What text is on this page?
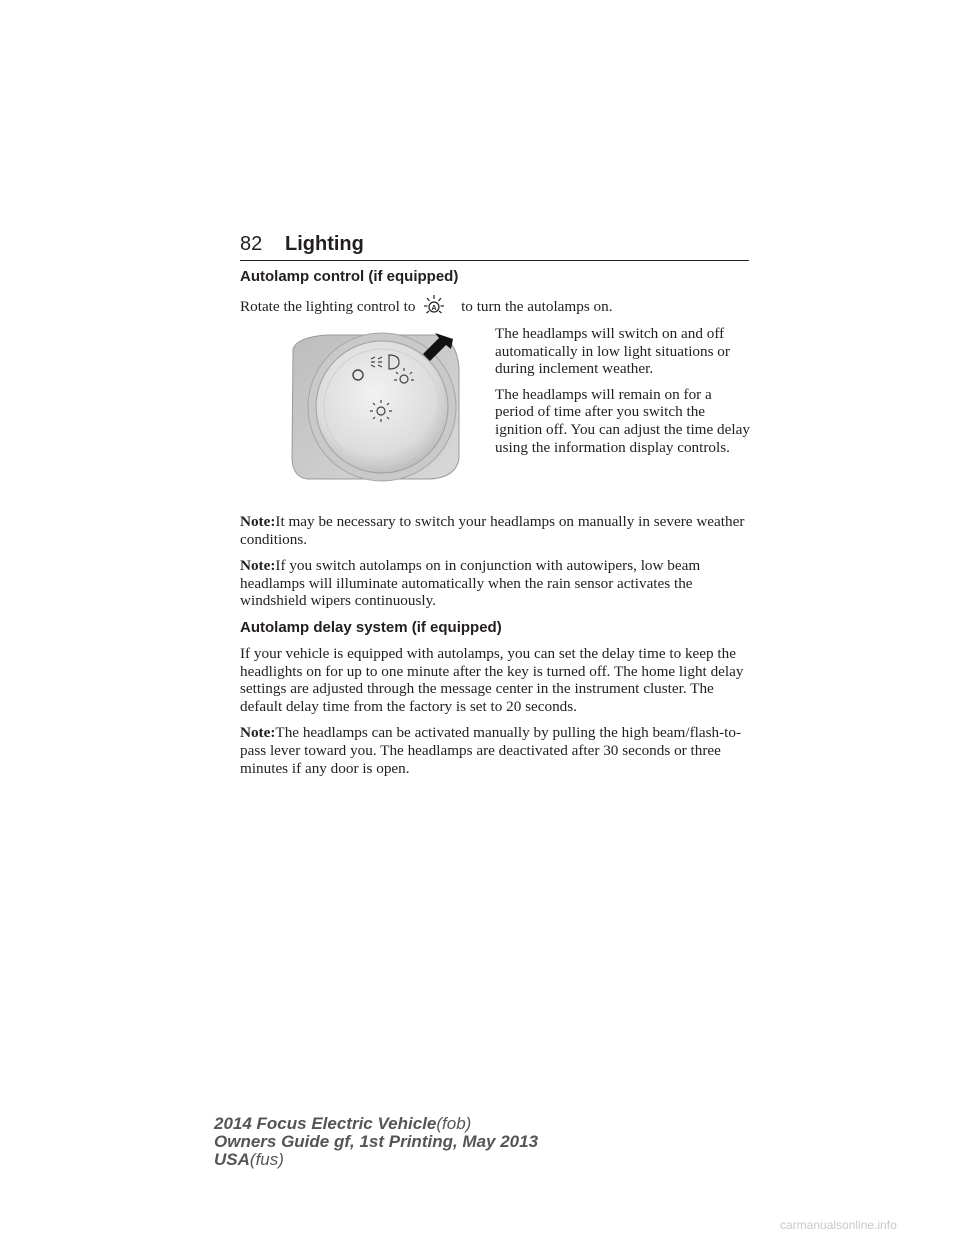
82 Lighting
Autolamp control (if equipped)

Rotate the lighting control to A to turn the autolamps on.

The headlamps will switch on and off automatically in low light situations or during inclement weather.

The headlamps will remain on for a period of time after you switch the ignition off. You can adjust the time delay using the information display controls.

Note:It may be necessary to switch your headlamps on manually in severe weather conditions.

Note:If you switch autolamps on in conjunction with autowipers, low beam headlamps will illuminate automatically when the rain sensor activates the windshield wipers continuously.

Autolamp delay system (if equipped)

If your vehicle is equipped with autolamps, you can set the delay time to keep the headlights on for up to one minute after the key is turned off. The home light delay settings are adjusted through the message center in the instrument cluster. The default delay time from the factory is set to 20 seconds.

Note:The headlamps can be activated manually by pulling the high beam/flash-to-pass lever toward you. The headlamps are deactivated after 30 seconds or three minutes if any door is open.

2014 Focus Electric Vehicle(fob)
Owners Guide gf, 1st Printing, May 2013
USA(fus)
carmanualsonline.info
